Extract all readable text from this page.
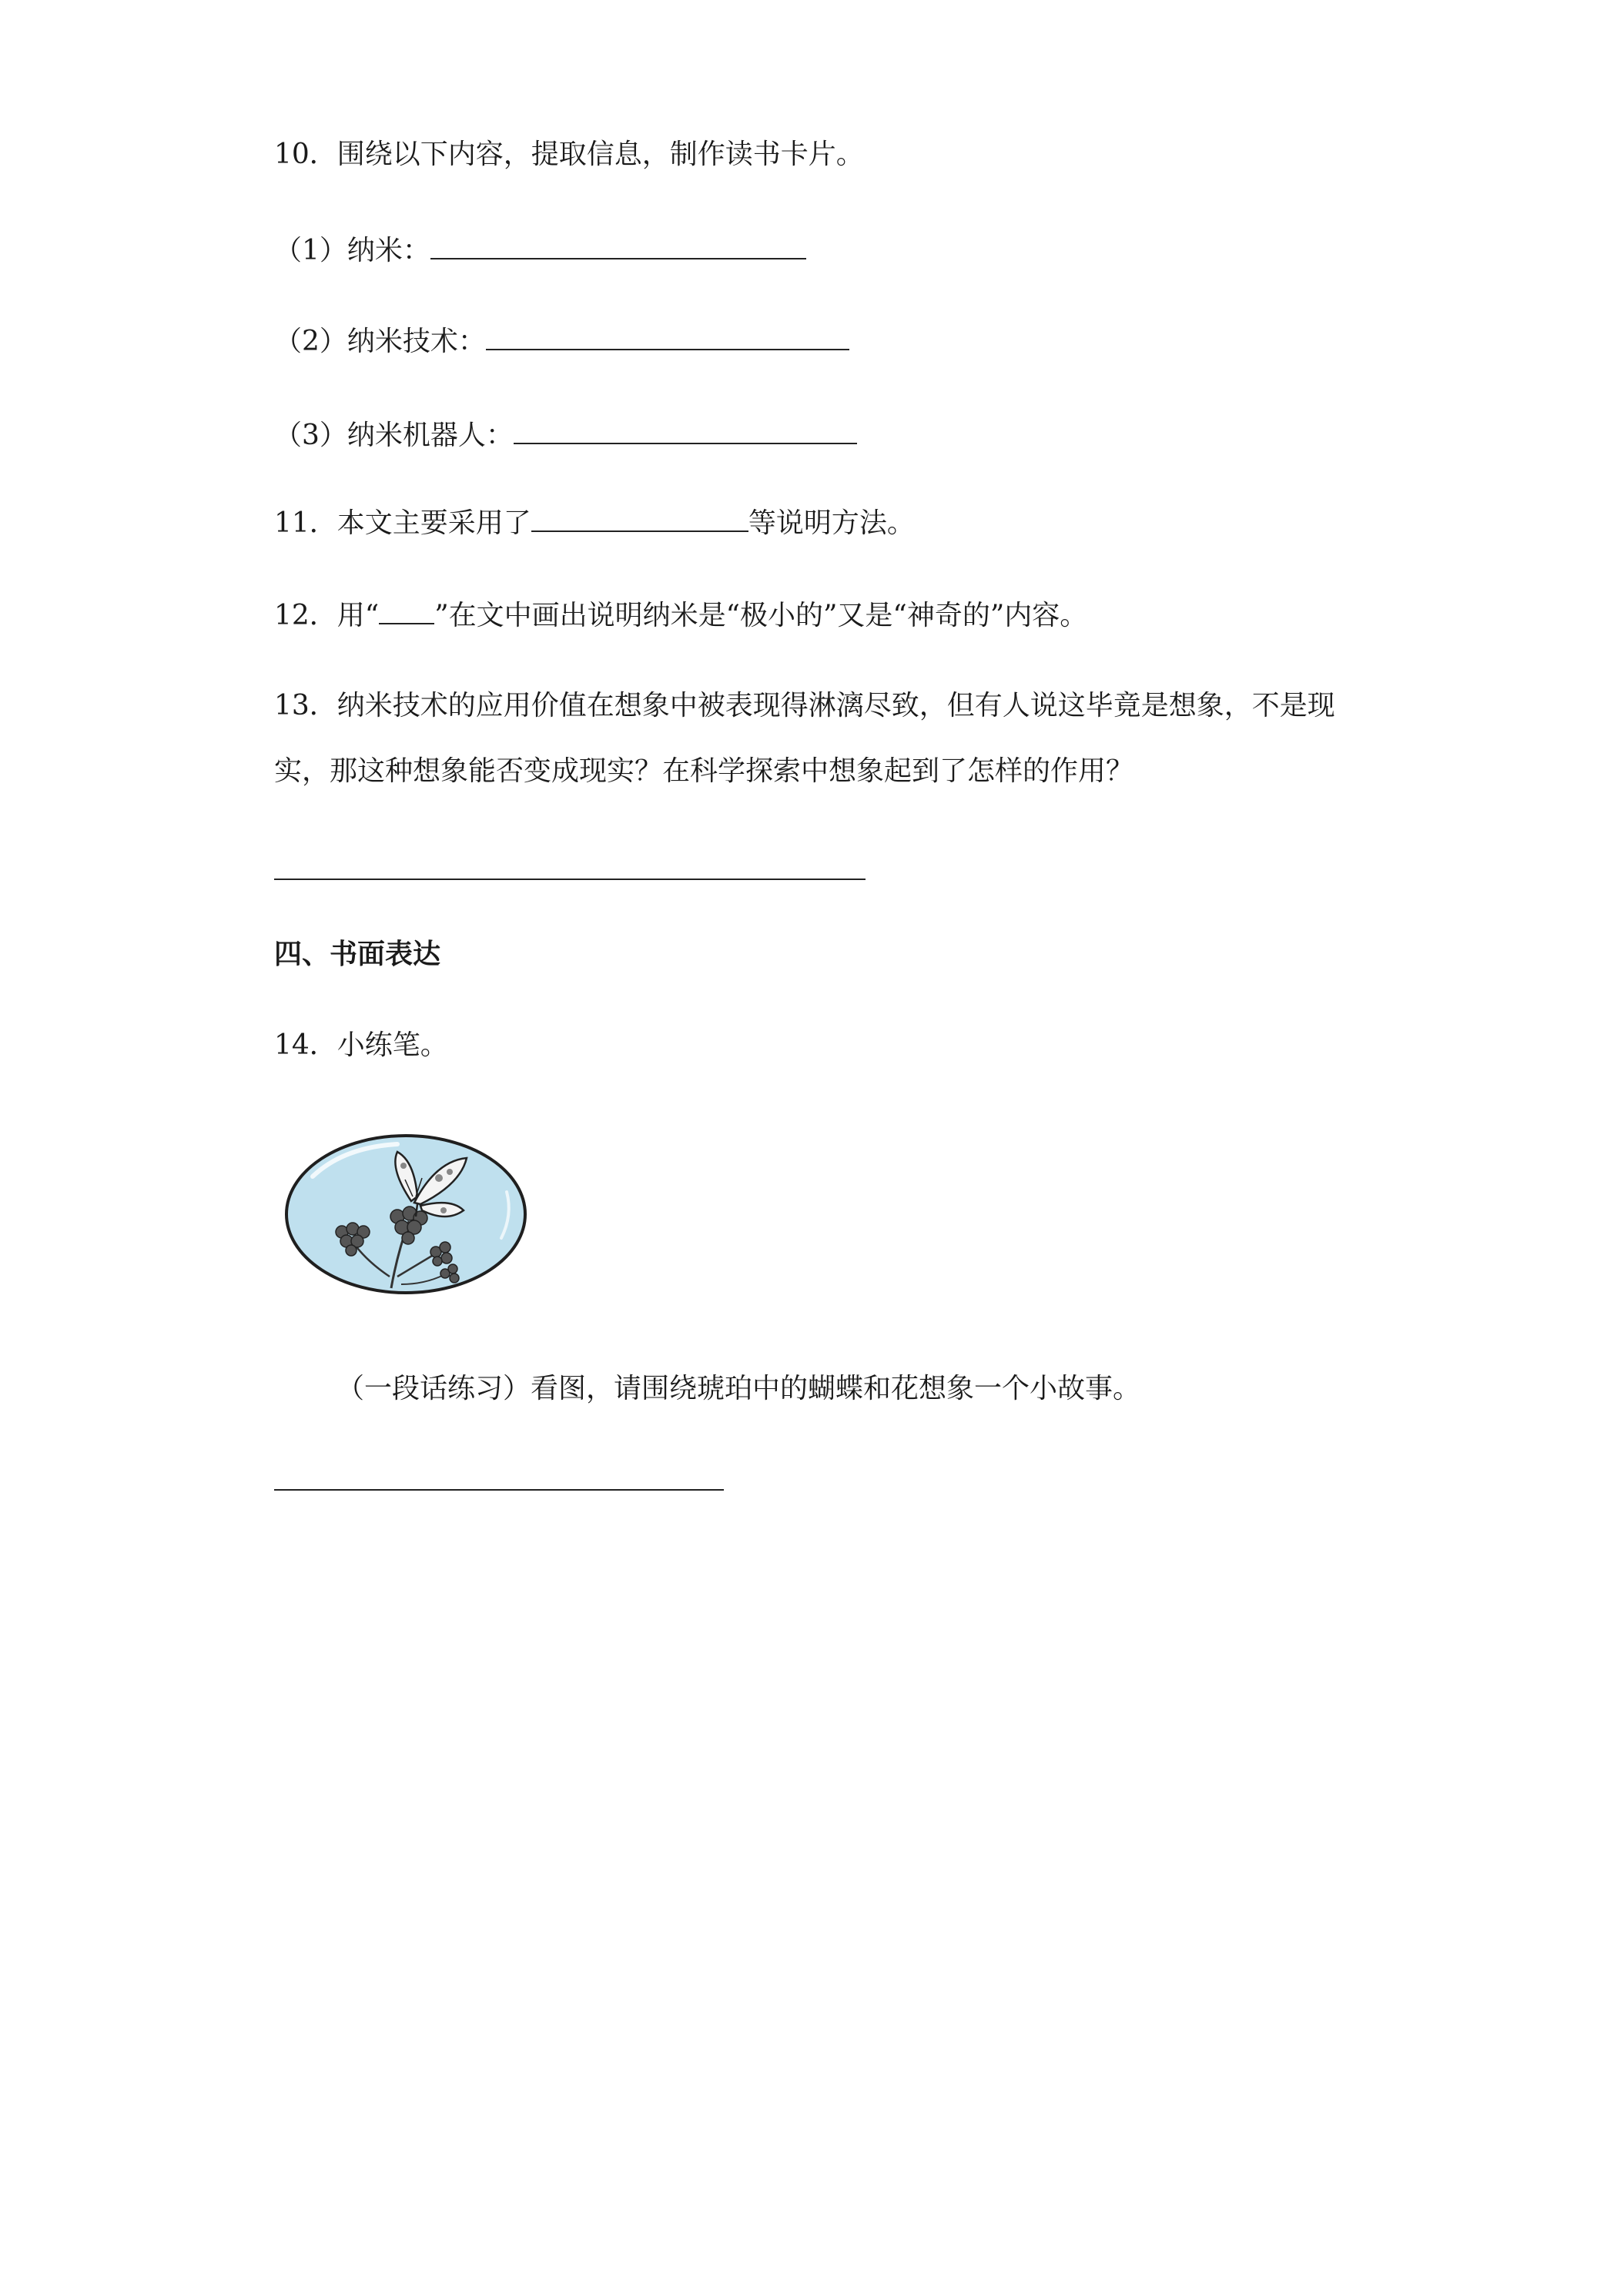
10．围绕以下内容，提取信息，制作读书卡片。
（1）纳米：
（2）纳米技术：
（3）纳米机器人：
11．本文主要采用了	等说明方法。
12．用“ ”在文中画出说明纳米是“极小的”又是“神奇的”内容。
13．纳米技术的应用价值在想象中被表现得淋漓尽致，但有人说这毕竟是想象，不是现
实，那这种想象能否变成现实？在科学探索中想象起到了怎样的作用？
四、书面表达
14．小练笔。
（一段话练习）看图，请围绕琥珀中的蝴蝶和花想象一个小故事。
